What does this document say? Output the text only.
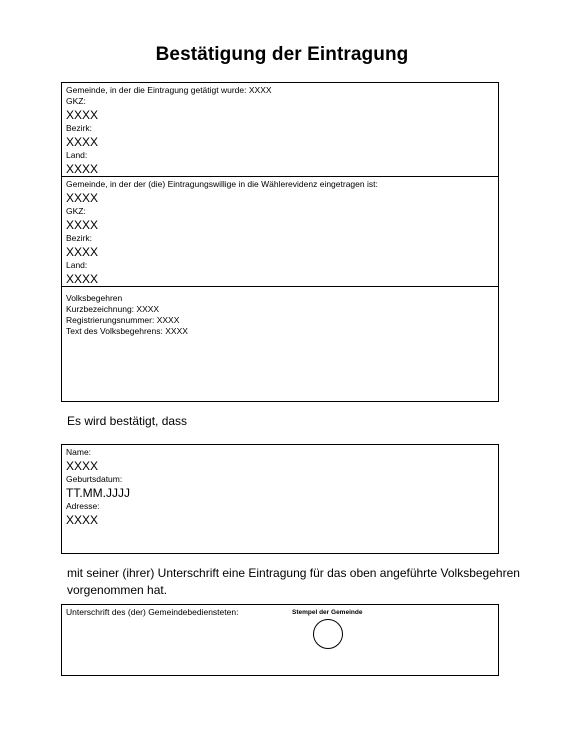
Bestätigung der Eintragung
Gemeinde, in der die Eintragung getätigt wurde: XXXX
GKZ:
XXXX
Bezirk:
XXXX
Land:
XXXX
Gemeinde, in der der (die) Eintragungswillige in die Wählerevidenz eingetragen ist:
XXXX
GKZ:
XXXX
Bezirk:
XXXX
Land:
XXXX
Volksbegehren
Kurzbezeichnung: XXXX
Registrierungsnummer: XXXX
Text des Volksbegehrens: XXXX
Es wird bestätigt, dass
Name:
XXXX
Geburtsdatum:
TT.MM.JJJJ
Adresse:
XXXX
mit seiner (ihrer) Unterschrift eine Eintragung für das oben angeführte Volksbegehren
vorgenommen hat.
Unterschrift des (der) Gemeindebediensteten:	Stempel der Gemeinde
